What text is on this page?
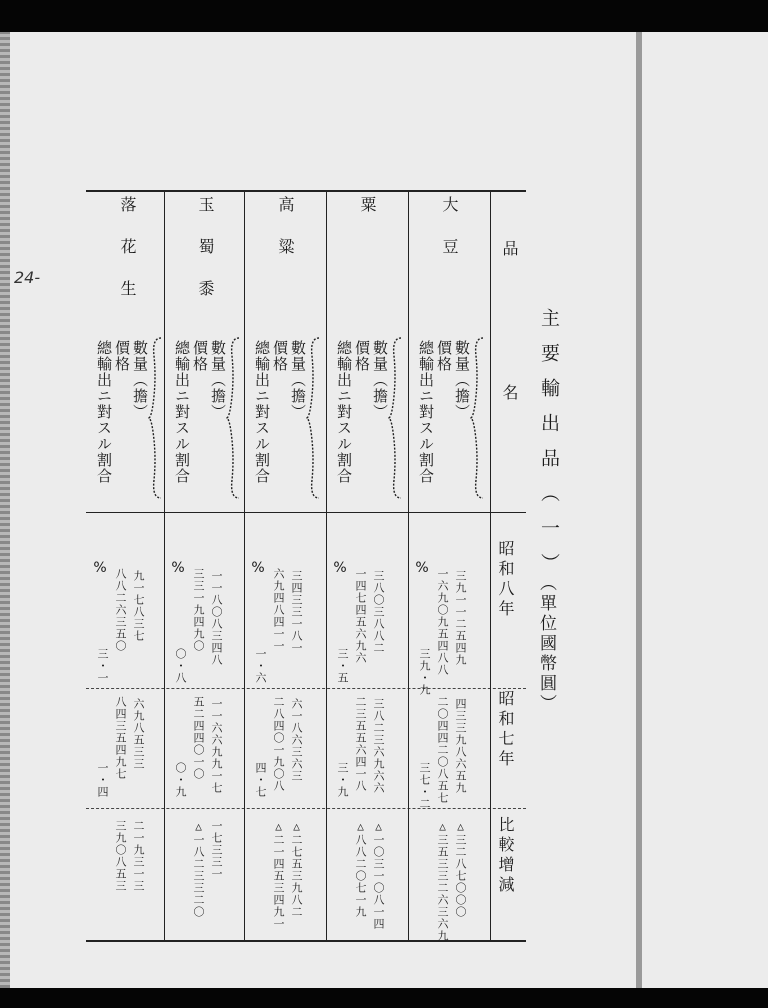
24-
主要輸出品（一）
（單位國幣圓）
品名
昭和八年
昭和七年
比較增減
大豆
數量（擔）
價格
總輸出ニ對スル割合
%
三九一一二五四九
一六九〇九五四八八
三九・九
四三三九八六五九
二〇四四二〇八五七
三七・二
△三二八七〇〇〇
△三五三三二六三六九
粟
數量（擔）
價格
總輸出ニ對スル割合
%
三八〇三八八二
一四七四五六九六
三・五
三八二三六九六六
二三五五六四一八
三・九
△一〇三一〇八一四
△八八二〇七一九
高粱
數量（擔）
價格
總輸出ニ對スル割合
%
三四三三一八一
六九四八四一一
一・六
六一八六三六三
二八四〇一九〇八
四・七
△二七五三九八二
△二一四五三四九一
玉蜀黍
數量（擔）
價格
總輸出ニ對スル割合
%
一一八〇八三四八
三三一九四九〇
〇・八
一一六六九九一七
五二四四〇一〇
〇・九
一七三三一
△一八二三三二〇
落花生
數量（擔）
價格
總輸出ニ對スル割合
%
九一七八三七
八八二六三五〇
三・一
六九八五三三
八四三五四九七
一・四
二一九三一三
三九〇八五三
